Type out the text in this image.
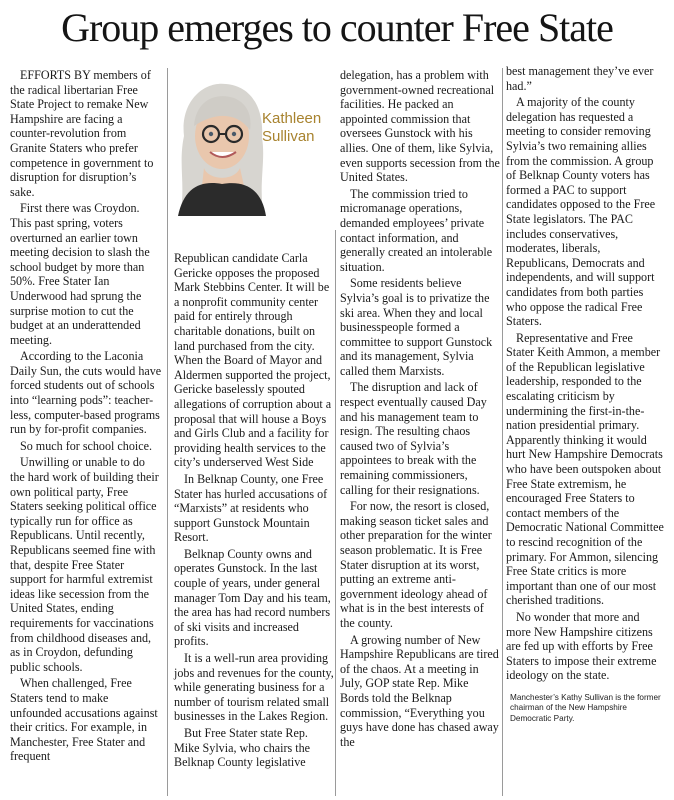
Group emerges to counter Free State
Kathleen
Sullivan

EFFORTS BY members of the radical libertarian Free State Project to remake New Hampshire are facing a counter-revolution from Granite Staters who prefer competence in government to disruption for disruption’s sake.

First there was Croydon. This past spring, voters overturned an earlier town meeting decision to slash the school budget by more than 50%. Free Stater Ian Underwood had sprung the surprise motion to cut the budget at an underattended meeting.

According to the Laconia Daily Sun, the cuts would have forced students out of schools into “learning pods”: teacher-less, computer-based programs run by for-profit companies.

So much for school choice.

Unwilling or unable to do the hard work of building their own political party, Free Staters seeking political office typically run for office as Republicans. Until recently, Republicans seemed fine with that, despite Free Stater support for harmful extremist ideas like secession from the United States, ending requirements for vaccinations from childhood diseases and, as in Croydon, defunding public schools.

When challenged, Free Staters tend to make unfounded accusations against their critics. For example, in Manchester, Free Stater and frequent

Republican candidate Carla Gericke opposes the proposed Mark Stebbins Center. It will be a nonprofit community center paid for entirely through charitable donations, built on land purchased from the city. When the Board of Mayor and Aldermen supported the project, Gericke baselessly spouted allegations of corruption about a proposal that will house a Boys and Girls Club and a facility for providing health services to the city’s underserved West Side

In Belknap County, one Free Stater has hurled accusations of “Marxists” at residents who support Gunstock Mountain Resort.

Belknap County owns and operates Gunstock. In the last couple of years, under general manager Tom Day and his team, the area has had record numbers of ski visits and increased profits.

It is a well-run area providing jobs and revenues for the county, while generating business for a number of tourism related small businesses in the Lakes Region.

But Free Stater state Rep. Mike Sylvia, who chairs the Belknap County legislative

delegation, has a problem with government-owned recreational facilities. He packed an appointed commission that oversees Gunstock with his allies. One of them, like Sylvia, even supports secession from the United States.

The commission tried to micromanage operations, demanded employees’ private contact information, and generally created an intolerable situation.

Some residents believe Sylvia’s goal is to privatize the ski area. When they and local businesspeople formed a committee to support Gunstock and its management, Sylvia called them Marxists.

The disruption and lack of respect eventually caused Day and his management team to resign. The resulting chaos caused two of Sylvia’s appointees to break with the remaining commissioners, calling for their resignations.

For now, the resort is closed, making season ticket sales and other preparation for the winter season problematic. It is Free Stater disruption at its worst, putting an extreme anti-government ideology ahead of what is in the best interests of the county.

A growing number of New Hampshire Republicans are tired of the chaos. At a meeting in July, GOP state Rep. Mike Bords told the Belknap commission, “Everything you guys have done has chased away the

best management they’ve ever had.”

A majority of the county delegation has requested a meeting to consider removing Sylvia’s two remaining allies from the commission. A group of Belknap County voters has formed a PAC to support candidates opposed to the Free State legislators. The PAC includes conservatives, moderates, liberals, Republicans, Democrats and independents, and will support candidates from both parties who oppose the radical Free Staters.

Representative and Free Stater Keith Ammon, a member of the Republican legislative leadership, responded to the escalating criticism by undermining the first-in-the-nation presidential primary. Apparently thinking it would hurt New Hampshire Democrats who have been outspoken about Free State extremism, he encouraged Free Staters to contact members of the Democratic National Committee to rescind recognition of the primary. For Ammon, silencing Free State critics is more important than one of our most cherished traditions.

No wonder that more and more New Hampshire citizens are fed up with efforts by Free Staters to impose their extreme ideology on the state.

Manchester’s Kathy Sullivan is the former chairman of the New Hampshire Democratic Party.
